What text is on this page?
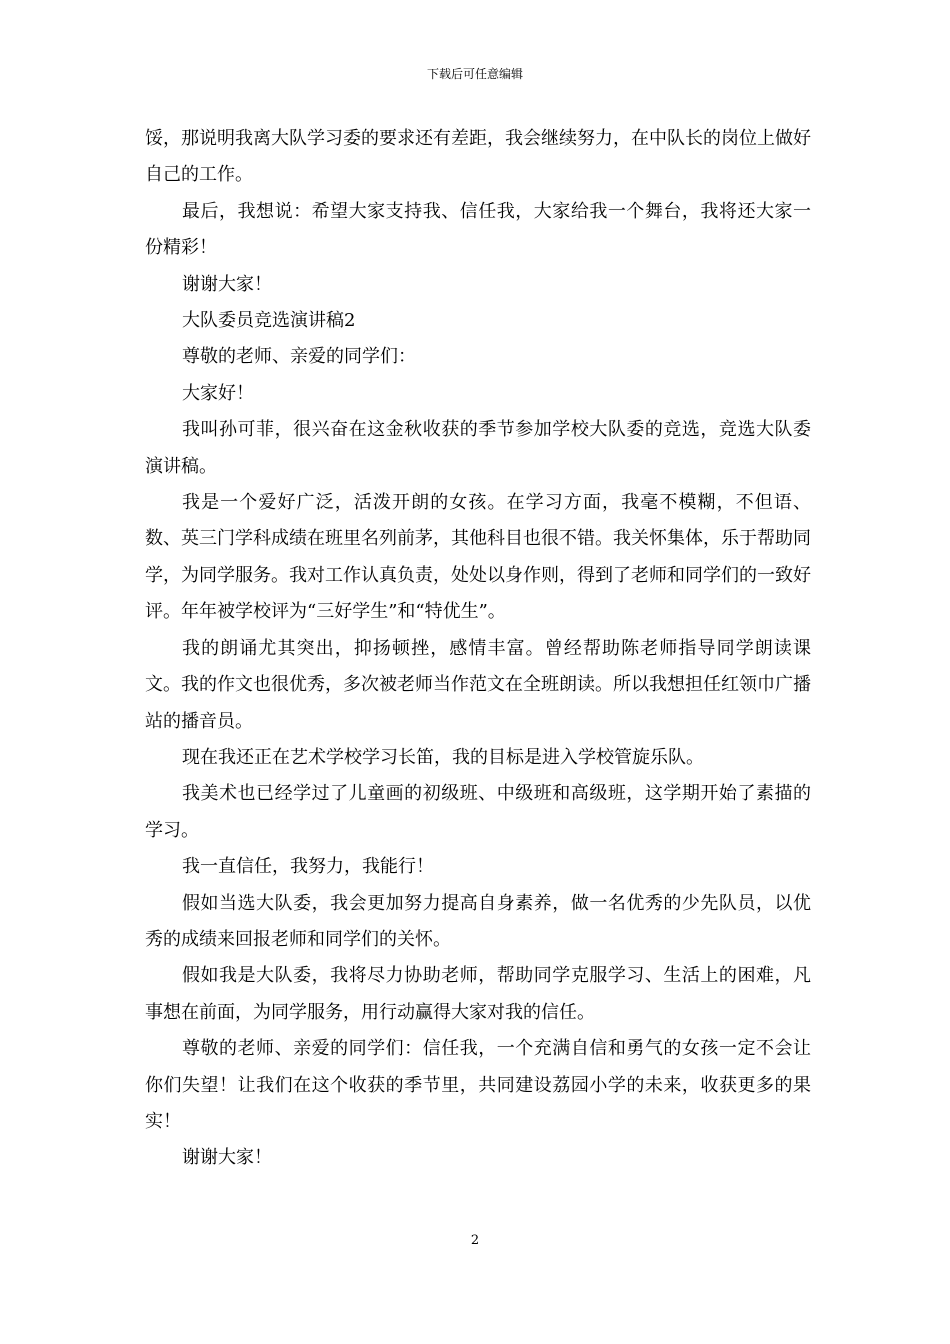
下载后可任意编辑

馁，那说明我离大队学习委的要求还有差距，我会继续努力，在中队长的岗位上做好自己的工作。

最后，我想说：希望大家支持我、信任我，大家给我一个舞台，我将还大家一份精彩！

谢谢大家！

大队委员竞选演讲稿2

尊敬的老师、亲爱的同学们：

大家好！

我叫孙可菲，很兴奋在这金秋收获的季节参加学校大队委的竞选，竞选大队委演讲稿。

我是一个爱好广泛，活泼开朗的女孩。在学习方面，我毫不模糊，不但语、数、英三门学科成绩在班里名列前茅，其他科目也很不错。我关怀集体，乐于帮助同学，为同学服务。我对工作认真负责，处处以身作则，得到了老师和同学们的一致好评。年年被学校评为“三好学生”和“特优生”。

我的朗诵尤其突出，抑扬顿挫，感情丰富。曾经帮助陈老师指导同学朗读课文。我的作文也很优秀，多次被老师当作范文在全班朗读。所以我想担任红领巾广播站的播音员。

现在我还正在艺术学校学习长笛，我的目标是进入学校管旋乐队。

我美术也已经学过了儿童画的初级班、中级班和高级班，这学期开始了素描的学习。

我一直信任，我努力，我能行！

假如当选大队委，我会更加努力提高自身素养，做一名优秀的少先队员，以优秀的成绩来回报老师和同学们的关怀。

假如我是大队委，我将尽力协助老师，帮助同学克服学习、生活上的困难，凡事想在前面，为同学服务，用行动赢得大家对我的信任。

尊敬的老师、亲爱的同学们：信任我，一个充满自信和勇气的女孩一定不会让你们失望！让我们在这个收获的季节里，共同建设荔园小学的未来，收获更多的果实！

谢谢大家！

2
